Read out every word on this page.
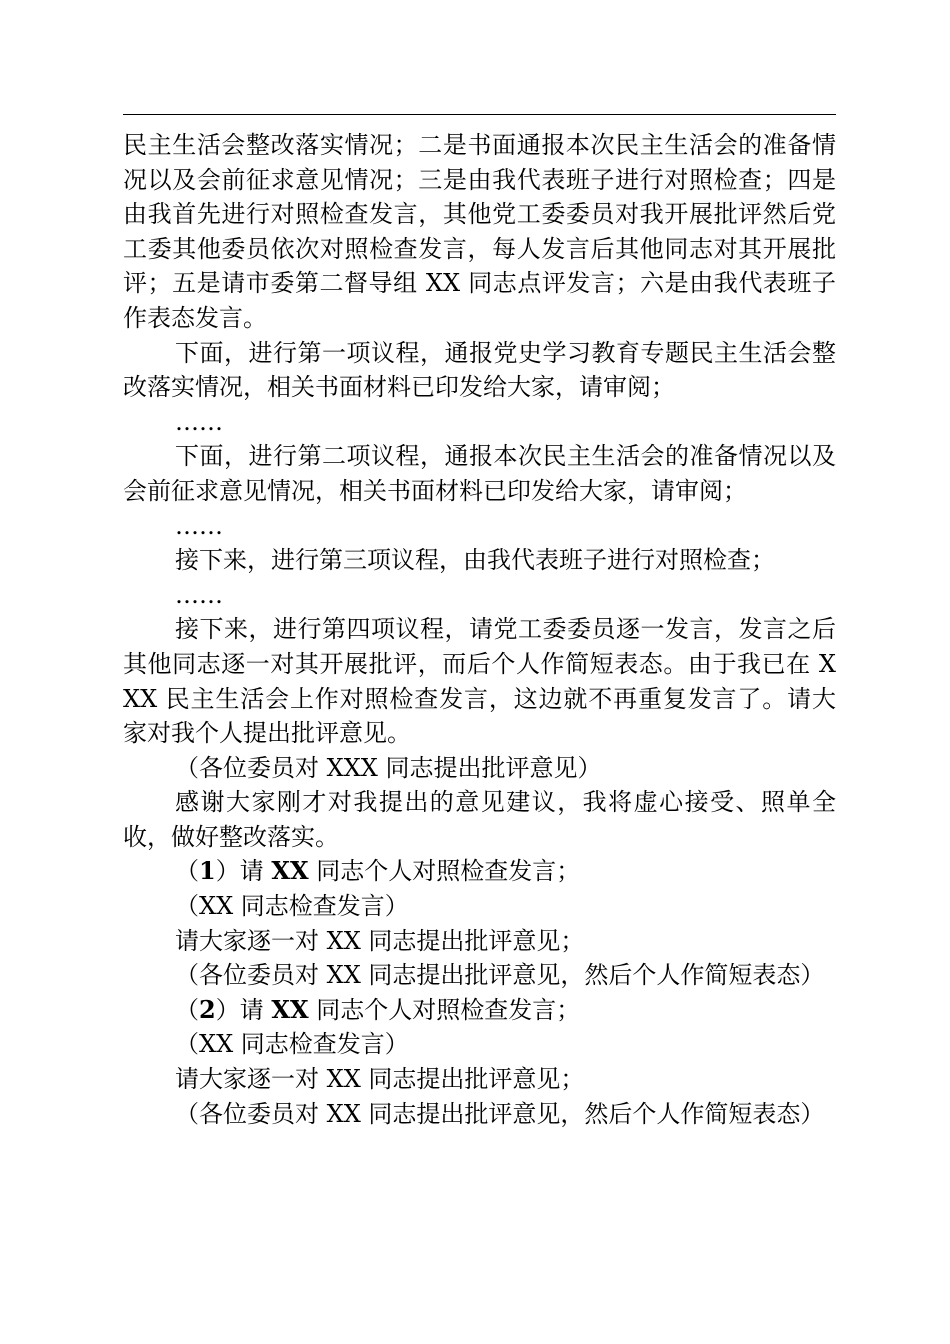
民主生活会整改落实情况；二是书面通报本次民主生活会的准备情况以及会前征求意见情况；三是由我代表班子进行对照检查；四是由我首先进行对照检查发言，其他党工委委员对我开展批评然后党工委其他委员依次对照检查发言，每人发言后其他同志对其开展批评；五是请市委第二督导组 XX 同志点评发言；六是由我代表班子作表态发言。

下面，进行第一项议程，通报党史学习教育专题民主生活会整改落实情况，相关书面材料已印发给大家，请审阅；

……

下面，进行第二项议程，通报本次民主生活会的准备情况以及会前征求意见情况，相关书面材料已印发给大家，请审阅；

……

接下来，进行第三项议程，由我代表班子进行对照检查；

……

接下来，进行第四项议程，请党工委委员逐一发言，发言之后其他同志逐一对其开展批评，而后个人作简短表态。由于我已在 XXX 民主生活会上作对照检查发言，这边就不再重复发言了。请大家对我个人提出批评意见。

（各位委员对 XXX 同志提出批评意见）

感谢大家刚才对我提出的意见建议，我将虚心接受、照单全收，做好整改落实。

（1）请 XX 同志个人对照检查发言；

（XX 同志检查发言）

请大家逐一对 XX 同志提出批评意见；

（各位委员对 XX 同志提出批评意见，然后个人作简短表态）

（2）请 XX 同志个人对照检查发言；

（XX 同志检查发言）

请大家逐一对 XX 同志提出批评意见；

（各位委员对 XX 同志提出批评意见，然后个人作简短表态）
